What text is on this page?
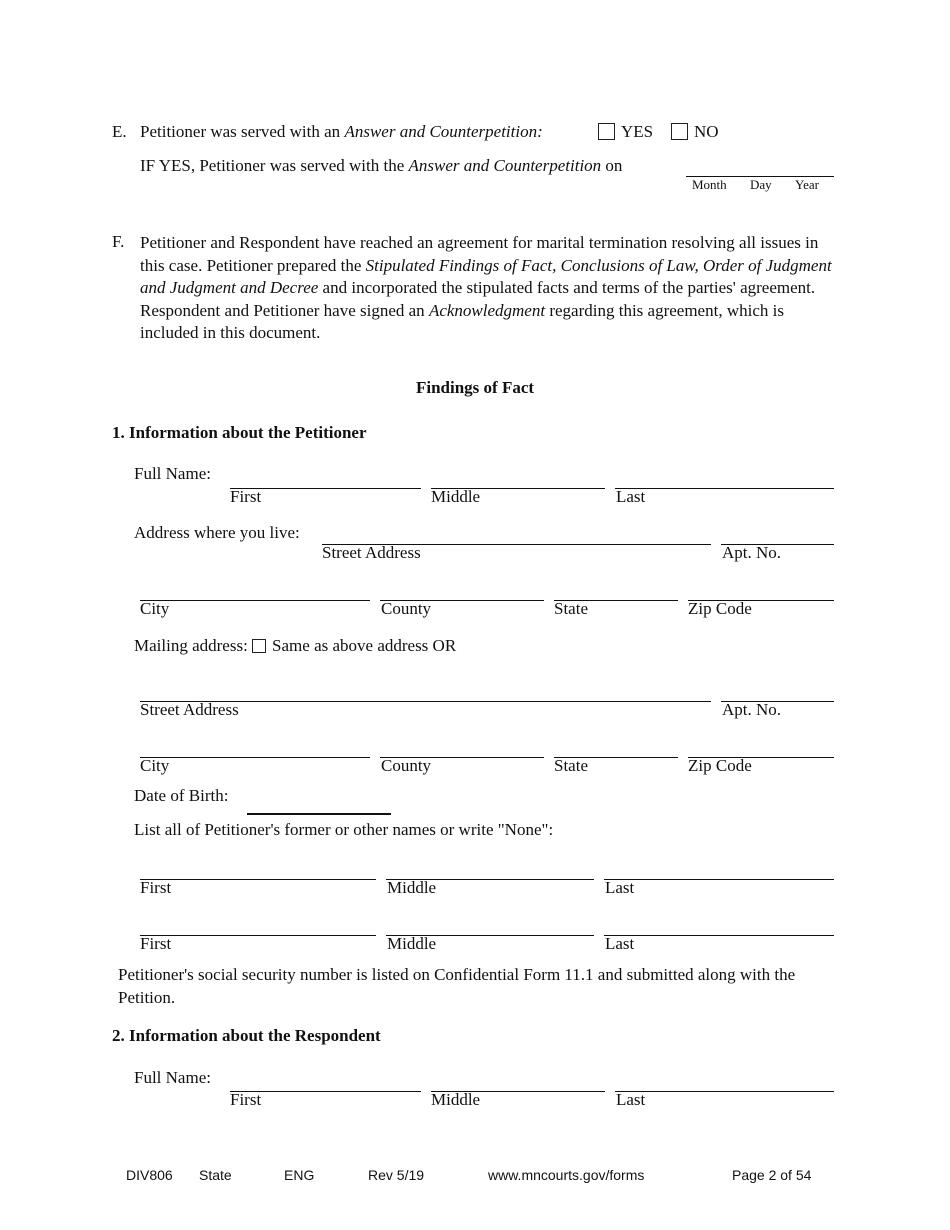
E. Petitioner was served with an Answer and Counterpetition:	YES	NO
IF YES, Petitioner was served with the Answer and Counterpetition on
Month Day Year
F. Petitioner and Respondent have reached an agreement for marital termination resolving all issues in this case. Petitioner prepared the Stipulated Findings of Fact, Conclusions of Law, Order of Judgment and Judgment and Decree and incorporated the stipulated facts and terms of the parties' agreement. Respondent and Petitioner have signed an Acknowledgment regarding this agreement, which is included in this document.
Findings of Fact
1. Information about the Petitioner
Full Name:
First	Middle	Last
Address where you live:
Street Address	Apt. No.
City	County	State	Zip Code
Mailing address: Same as above address OR
Street Address	Apt. No.
City	County	State	Zip Code
Date of Birth:
List all of Petitioner's former or other names or write "None":
First	Middle	Last
First	Middle	Last
Petitioner's social security number is listed on Confidential Form 11.1 and submitted along with the Petition.
2. Information about the Respondent
Full Name:
First	Middle	Last
DIV806 State	ENG	Rev 5/19	www.mncourts.gov/forms	Page 2 of 54
